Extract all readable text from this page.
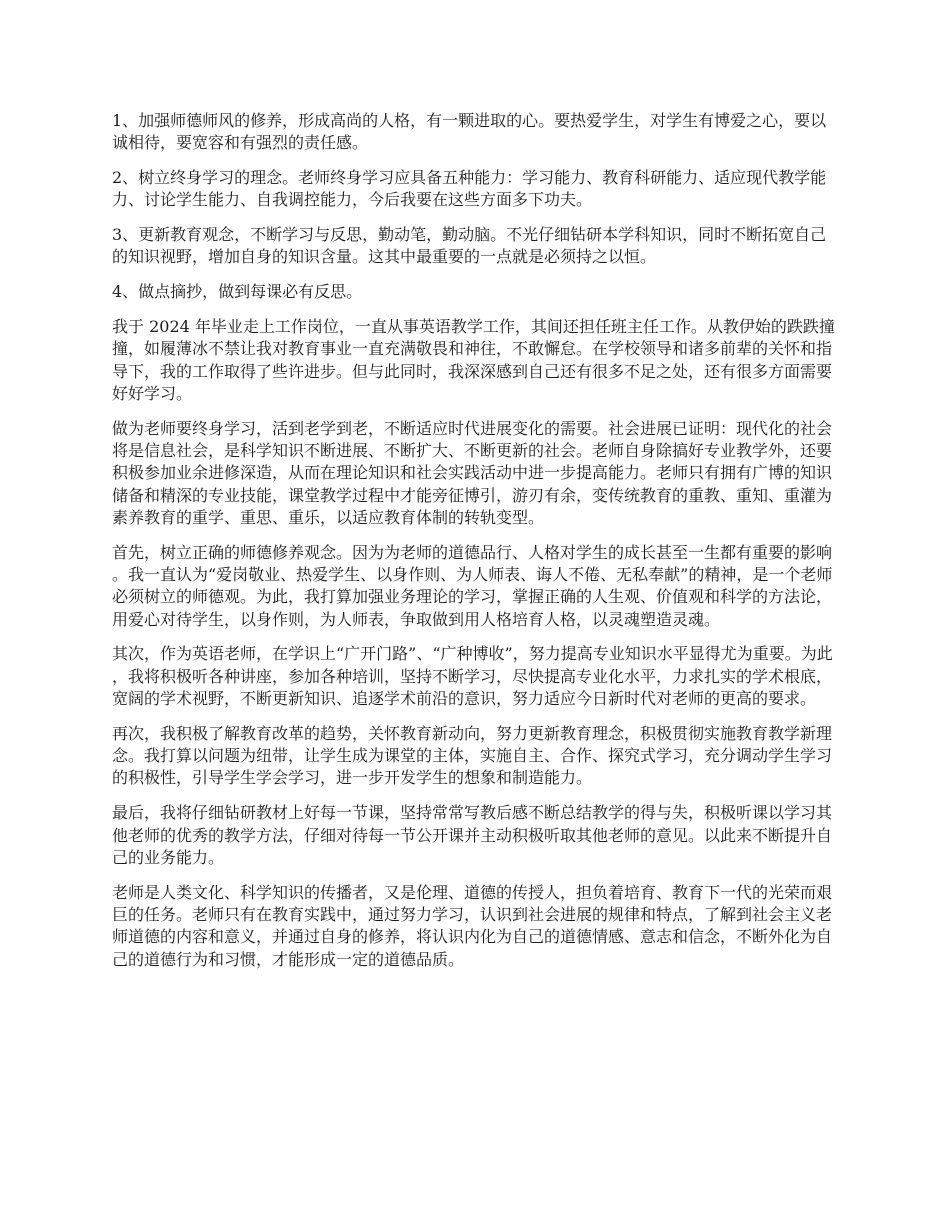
1、加强师德师风的修养，形成高尚的人格，有一颗进取的心。要热爱学生，对学生有博爱之心，要以诚相待，要宽容和有强烈的责任感。

2、树立终身学习的理念。老师终身学习应具备五种能力：学习能力、教育科研能力、适应现代教学能力、讨论学生能力、自我调控能力，今后我要在这些方面多下功夫。

3、更新教育观念，不断学习与反思，勤动笔，勤动脑。不光仔细钻研本学科知识，同时不断拓宽自己的知识视野，增加自身的知识含量。这其中最重要的一点就是必须持之以恒。

4、做点摘抄，做到每课必有反思。

我于 2024 年毕业走上工作岗位，一直从事英语教学工作，其间还担任班主任工作。从教伊始的跌跌撞撞，如履薄冰不禁让我对教育事业一直充满敬畏和神往，不敢懈怠。在学校领导和诸多前辈的关怀和指导下，我的工作取得了些许进步。但与此同时，我深深感到自己还有很多不足之处，还有很多方面需要好好学习。

做为老师要终身学习，活到老学到老，不断适应时代进展变化的需要。社会进展已证明：现代化的社会将是信息社会，是科学知识不断进展、不断扩大、不断更新的社会。老师自身除搞好专业教学外，还要积极参加业余进修深造，从而在理论知识和社会实践活动中进一步提高能力。老师只有拥有广博的知识储备和精深的专业技能，课堂教学过程中才能旁征博引，游刃有余，变传统教育的重教、重知、重灌为素养教育的重学、重思、重乐，以适应教育体制的转轨变型。

首先，树立正确的师德修养观念。因为为老师的道德品行、人格对学生的成长甚至一生都有重要的影响。我一直认为“爱岗敬业、热爱学生、以身作则、为人师表、诲人不倦、无私奉献”的精神，是一个老师必须树立的师德观。为此，我打算加强业务理论的学习，掌握正确的人生观、价值观和科学的方法论，用爱心对待学生，以身作则，为人师表，争取做到用人格培育人格，以灵魂塑造灵魂。

其次，作为英语老师，在学识上“广开门路”、“广种博收”，努力提高专业知识水平显得尤为重要。为此，我将积极听各种讲座，参加各种培训，坚持不断学习，尽快提高专业化水平，力求扎实的学术根底，宽阔的学术视野，不断更新知识、追逐学术前沿的意识，努力适应今日新时代对老师的更高的要求。

再次，我积极了解教育改革的趋势，关怀教育新动向，努力更新教育理念，积极贯彻实施教育教学新理念。我打算以问题为纽带，让学生成为课堂的主体，实施自主、合作、探究式学习，充分调动学生学习的积极性，引导学生学会学习，进一步开发学生的想象和制造能力。

最后，我将仔细钻研教材上好每一节课，坚持常常写教后感不断总结教学的得与失，积极听课以学习其他老师的优秀的教学方法，仔细对待每一节公开课并主动积极听取其他老师的意见。以此来不断提升自己的业务能力。

老师是人类文化、科学知识的传播者，又是伦理、道德的传授人，担负着培育、教育下一代的光荣而艰巨的任务。老师只有在教育实践中，通过努力学习，认识到社会进展的规律和特点，了解到社会主义老师道德的内容和意义，并通过自身的修养，将认识内化为自己的道德情感、意志和信念，不断外化为自己的道德行为和习惯，才能形成一定的道德品质。
